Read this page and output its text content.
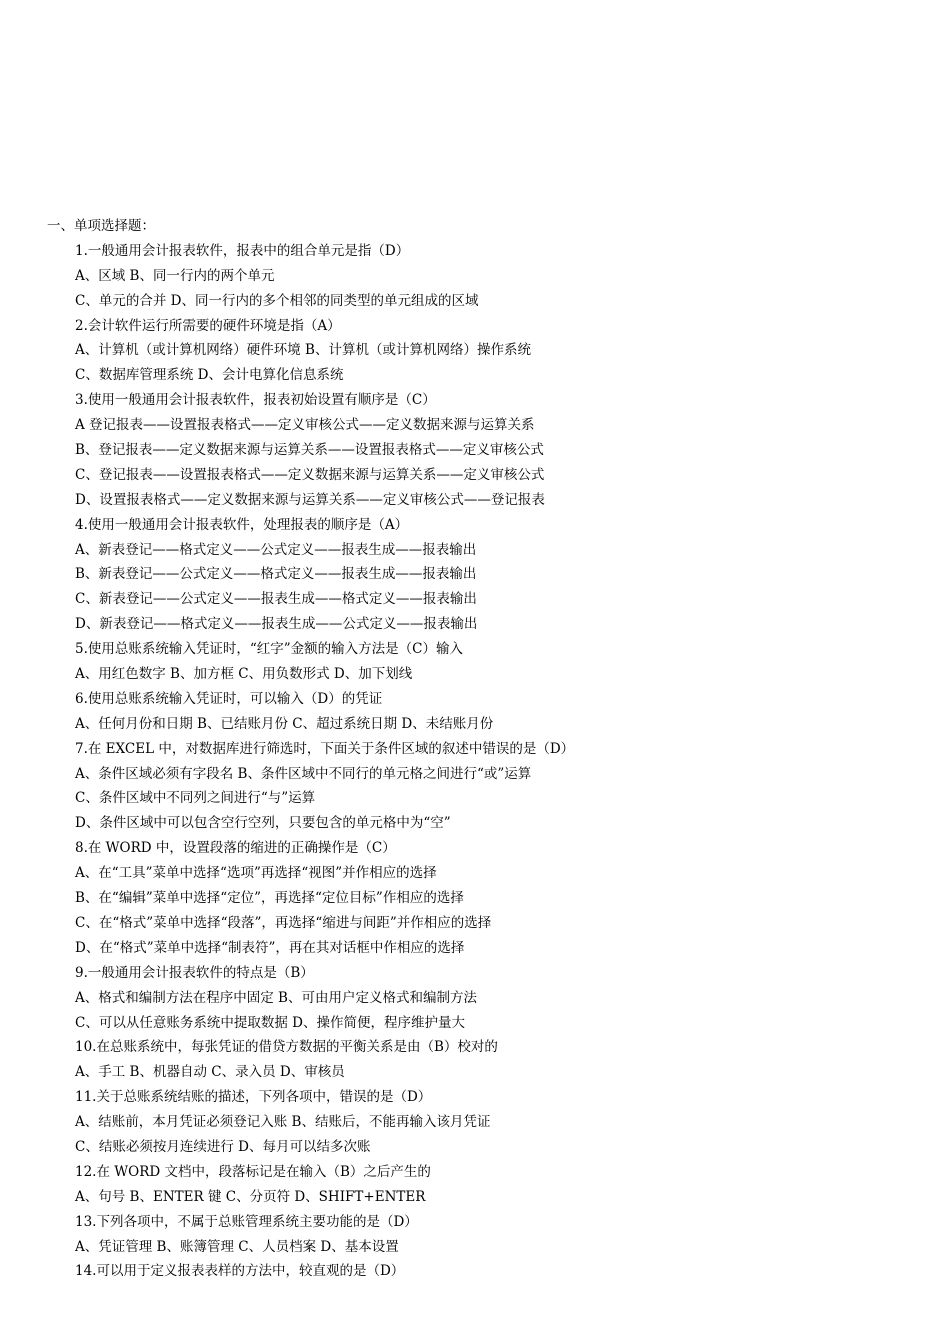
一、单项选择题：
1.一般通用会计报表软件，报表中的组合单元是指（D）
A、区域 B、同一行内的两个单元
C、单元的合并 D、同一行内的多个相邻的同类型的单元组成的区域
2.会计软件运行所需要的硬件环境是指（A）
A、计算机（或计算机网络）硬件环境 B、计算机（或计算机网络）操作系统
C、数据库管理系统 D、会计电算化信息系统
3.使用一般通用会计报表软件，报表初始设置有顺序是（C）
A 登记报表——设置报表格式——定义审核公式——定义数据来源与运算关系
B、登记报表——定义数据来源与运算关系——设置报表格式——定义审核公式
C、登记报表——设置报表格式——定义数据来源与运算关系——定义审核公式
D、设置报表格式——定义数据来源与运算关系——定义审核公式——登记报表
4.使用一般通用会计报表软件，处理报表的顺序是（A）
A、新表登记——格式定义——公式定义——报表生成——报表输出
B、新表登记——公式定义——格式定义——报表生成——报表输出
C、新表登记——公式定义——报表生成——格式定义——报表输出
D、新表登记——格式定义——报表生成——公式定义——报表输出
5.使用总账系统输入凭证时，“红字”金额的输入方法是（C）输入
A、用红色数字 B、加方框 C、用负数形式 D、加下划线
6.使用总账系统输入凭证时，可以输入（D）的凭证
A、任何月份和日期 B、已结账月份 C、超过系统日期 D、未结账月份
7.在 EXCEL 中，对数据库进行筛选时，下面关于条件区域的叙述中错误的是（D）
A、条件区域必须有字段名 B、条件区域中不同行的单元格之间进行“或”运算
C、条件区域中不同列之间进行“与”运算
D、条件区域中可以包含空行空列，只要包含的单元格中为“空”
8.在 WORD 中，设置段落的缩进的正确操作是（C）
A、在“工具”菜单中选择“选项”再选择“视图”并作相应的选择
B、在“编辑”菜单中选择“定位”，再选择“定位目标”作相应的选择
C、在“格式”菜单中选择“段落”，再选择“缩进与间距”并作相应的选择
D、在“格式”菜单中选择“制表符”，再在其对话框中作相应的选择
9.一般通用会计报表软件的特点是（B）
A、格式和编制方法在程序中固定 B、可由用户定义格式和编制方法
C、可以从任意账务系统中提取数据 D、操作简便，程序维护量大
10.在总账系统中，每张凭证的借贷方数据的平衡关系是由（B）校对的
A、手工 B、机器自动 C、录入员 D、审核员
11.关于总账系统结账的描述，下列各项中，错误的是（D）
A、结账前，本月凭证必须登记入账 B、结账后，不能再输入该月凭证
C、结账必须按月连续进行 D、每月可以结多次账
12.在 WORD 文档中，段落标记是在输入（B）之后产生的
A、句号 B、ENTER 键 C、分页符 D、SHIFT+ENTER
13.下列各项中，不属于总账管理系统主要功能的是（D）
A、凭证管理 B、账簿管理 C、人员档案 D、基本设置
14.可以用于定义报表表样的方法中，较直观的是（D）
